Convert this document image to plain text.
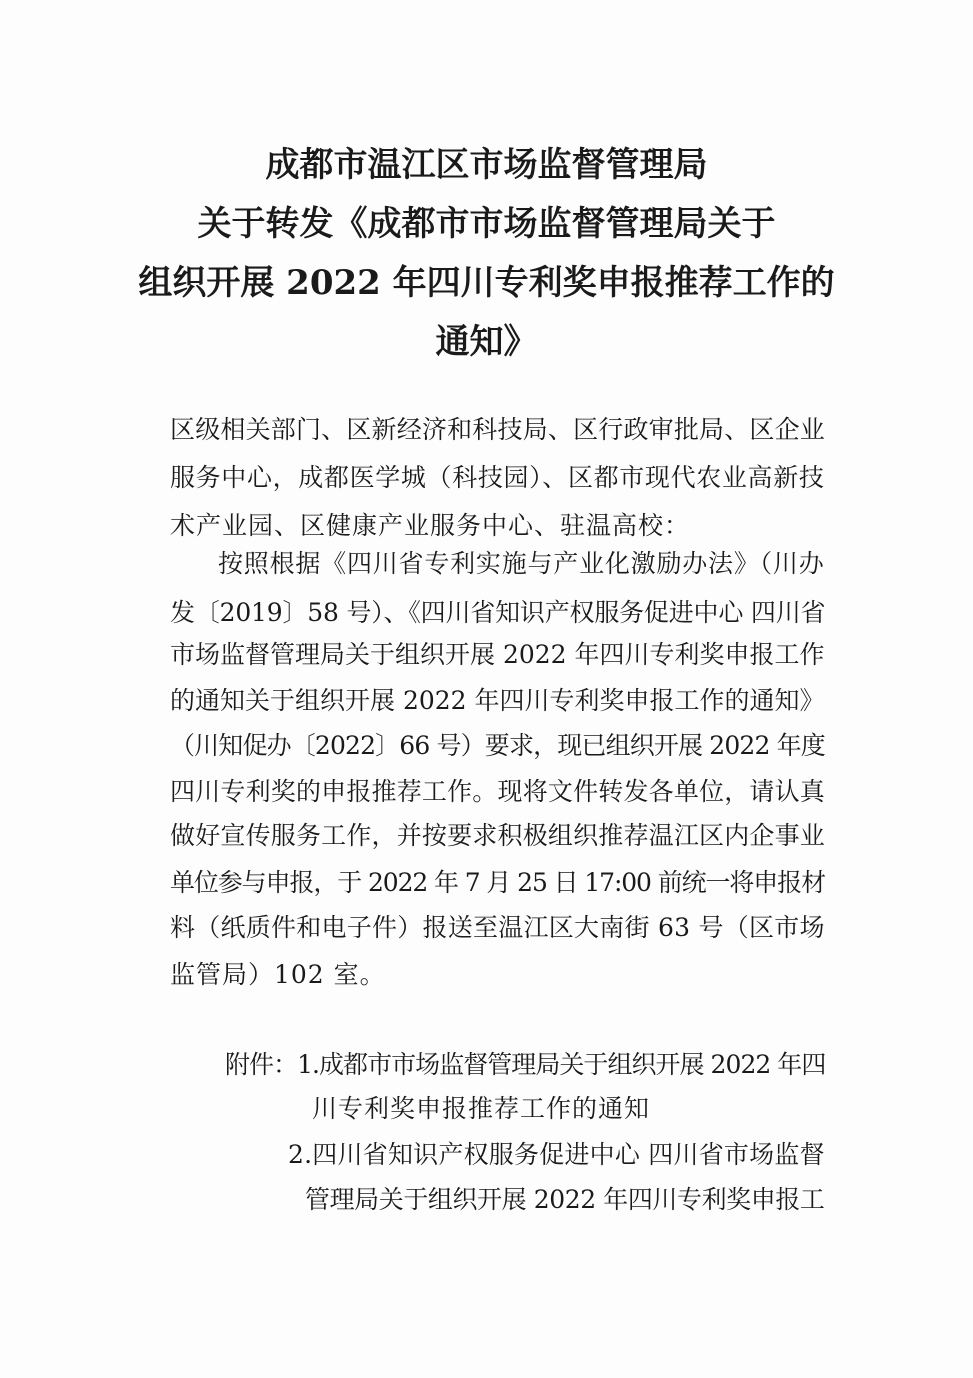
成都市温江区市场监督管理局
关于转发《成都市市场监督管理局关于
组织开展 2022 年四川专利奖申报推荐工作的
通知》
区级相关部门、区新经济和科技局、区行政审批局、区企业
服务中心，成都医学城（科技园）、区都市现代农业高新技
术产业园、区健康产业服务中心、驻温高校：
按照根据《四川省专利实施与产业化激励办法》（川办
发〔2019〕58 号）、《四川省知识产权服务促进中心 四川省
市场监督管理局关于组织开展 2022 年四川专利奖申报工作
的通知关于组织开展 2022 年四川专利奖申报工作的通知》
（川知促办〔2022〕66 号）要求，现已组织开展 2022 年度
四川专利奖的申报推荐工作。现将文件转发各单位，请认真
做好宣传服务工作，并按要求积极组织推荐温江区内企事业
单位参与申报，于 2022 年 7 月 25 日 17:00 前统一将申报材
料（纸质件和电子件）报送至温江区大南街 63 号（区市场
监管局）102 室。
附件：1.成都市市场监督管理局关于组织开展 2022 年四
川专利奖申报推荐工作的通知
2.四川省知识产权服务促进中心 四川省市场监督
管理局关于组织开展 2022 年四川专利奖申报工
